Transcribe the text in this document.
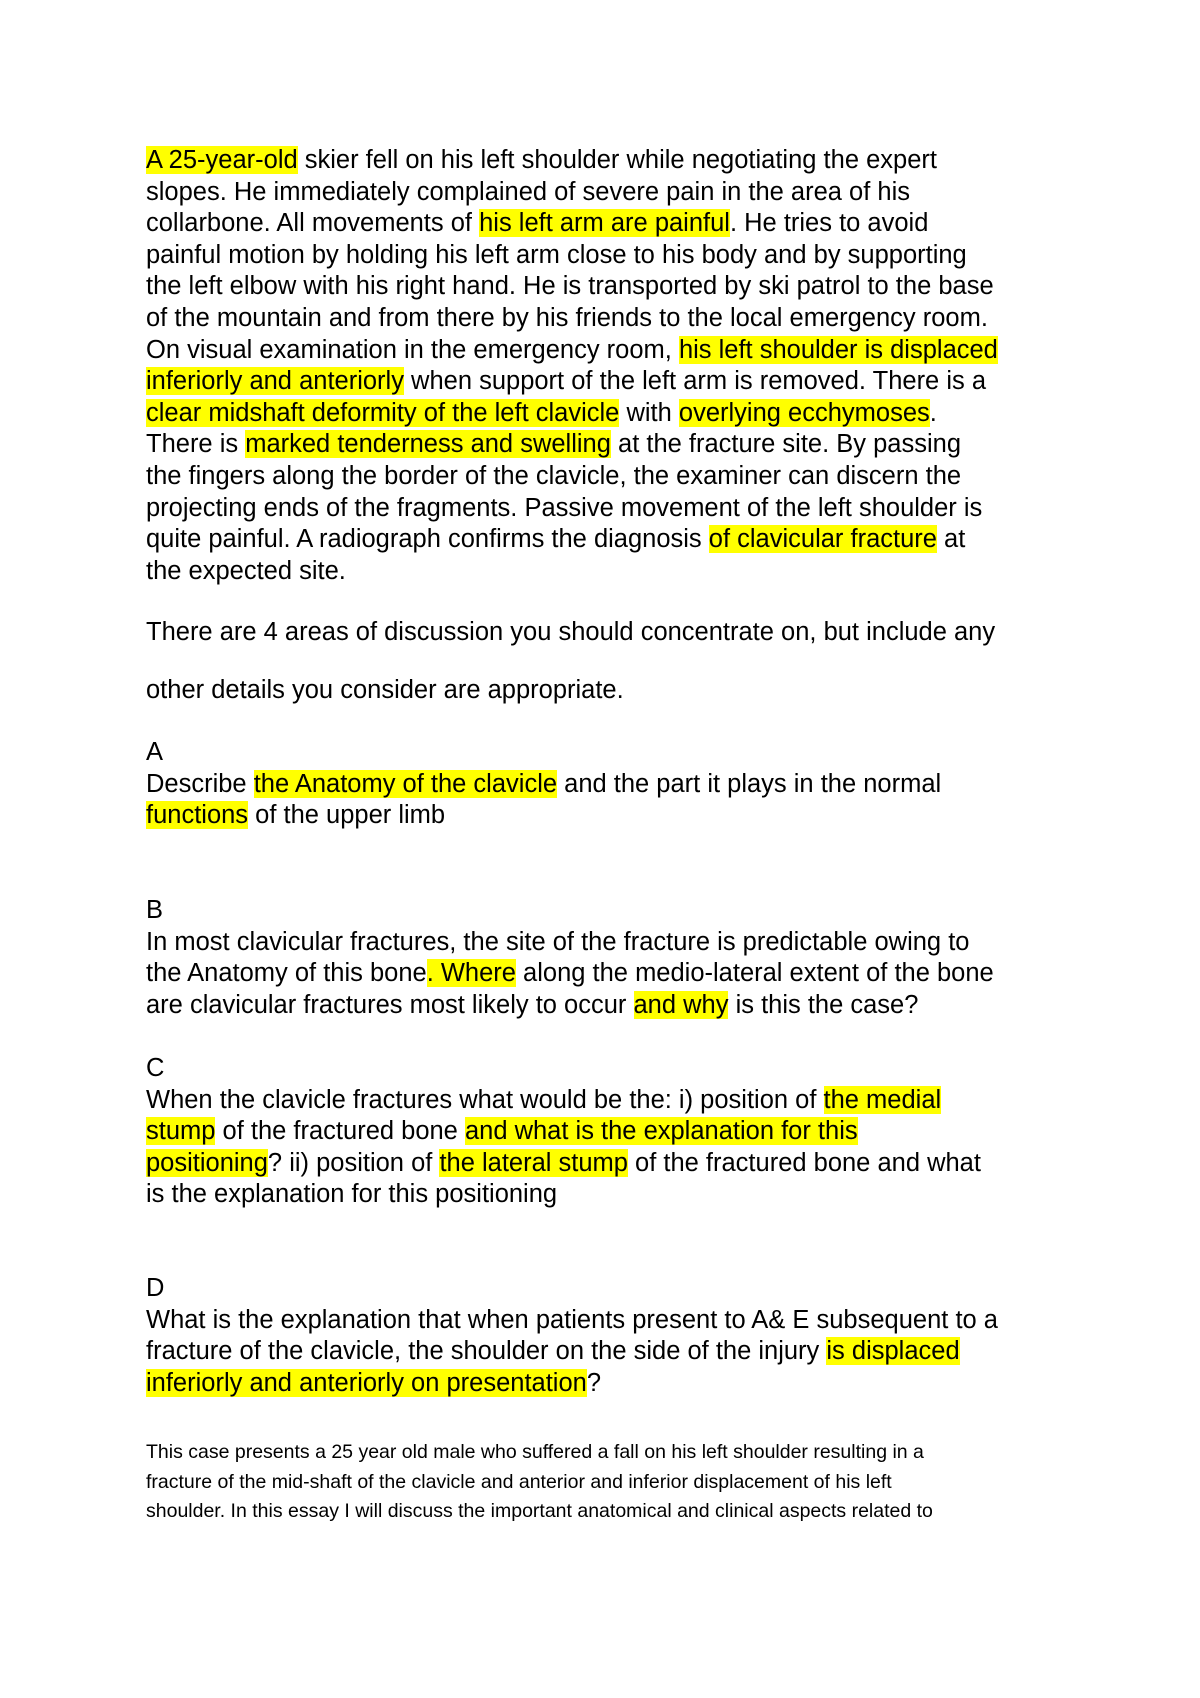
A 25-year-old skier fell on his left shoulder while negotiating the expert
slopes. He immediately complained of severe pain in the area of his
collarbone. All movements of his left arm are painful. He tries to avoid
painful motion by holding his left arm close to his body and by supporting
the left elbow with his right hand. He is transported by ski patrol to the base
of the mountain and from there by his friends to the local emergency room.
On visual examination in the emergency room, his left shoulder is displaced
inferiorly and anteriorly when support of the left arm is removed. There is a
clear midshaft deformity of the left clavicle with overlying ecchymoses.
There is marked tenderness and swelling at the fracture site. By passing
the fingers along the border of the clavicle, the examiner can discern the
projecting ends of the fragments. Passive movement of the left shoulder is
quite painful. A radiograph confirms the diagnosis of clavicular fracture at
the expected site.
There are 4 areas of discussion you should concentrate on, but include any
other details you consider are appropriate.
A
Describe the Anatomy of the clavicle and the part it plays in the normal
functions of the upper limb
B
In most clavicular fractures, the site of the fracture is predictable owing to
the Anatomy of this bone. Where along the medio-lateral extent of the bone
are clavicular fractures most likely to occur and why is this the case?
C
When the clavicle fractures what would be the: i) position of the medial
stump of the fractured bone and what is the explanation for this
positioning? ii) position of the lateral stump of the fractured bone and what
is the explanation for this positioning
D
What is the explanation that when patients present to A& E subsequent to a
fracture of the clavicle, the shoulder on the side of the injury is displaced
inferiorly and anteriorly on presentation?
This case presents a 25 year old male who suffered a fall on his left shoulder resulting in a
fracture of the mid-shaft of the clavicle and anterior and inferior displacement of his left
shoulder. In this essay I will discuss the important anatomical and clinical aspects related to
